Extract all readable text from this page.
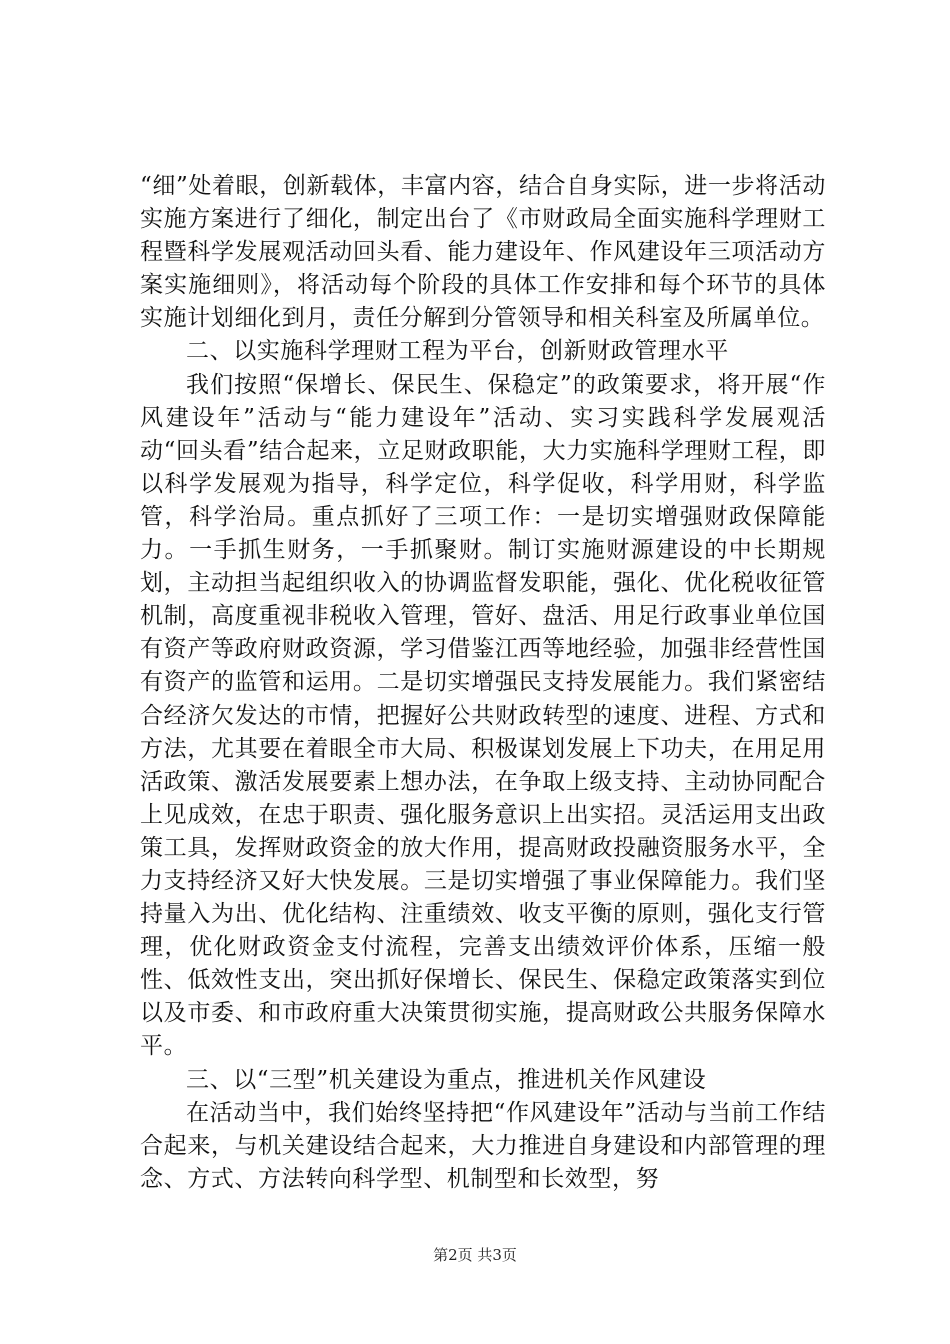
“细”处着眼，创新载体，丰富内容，结合自身实际，进一步将活动实施方案进行了细化，制定出台了《市财政局全面实施科学理财工程暨科学发展观活动回头看、能力建设年、作风建设年三项活动方案实施细则》，将活动每个阶段的具体工作安排和每个环节的具体实施计划细化到月，责任分解到分管领导和相关科室及所属单位。

二、以实施科学理财工程为平台，创新财政管理水平

我们按照“保增长、保民生、保稳定”的政策要求，将开展“作风建设年”活动与“能力建设年”活动、实习实践科学发展观活动“回头看”结合起来，立足财政职能，大力实施科学理财工程，即以科学发展观为指导，科学定位，科学促收，科学用财，科学监管，科学治局。重点抓好了三项工作：一是切实增强财政保障能力。一手抓生财务，一手抓聚财。制订实施财源建设的中长期规划，主动担当起组织收入的协调监督发职能，强化、优化税收征管机制，高度重视非税收入管理，管好、盘活、用足行政事业单位国有资产等政府财政资源，学习借鉴江西等地经验，加强非经营性国有资产的监管和运用。二是切实增强民支持发展能力。我们紧密结合经济欠发达的市情，把握好公共财政转型的速度、进程、方式和方法，尤其要在着眼全市大局、积极谋划发展上下功夫，在用足用活政策、激活发展要素上想办法，在争取上级支持、主动协同配合上见成效，在忠于职责、强化服务意识上出实招。灵活运用支出政策工具，发挥财政资金的放大作用，提高财政投融资服务水平，全力支持经济又好大快发展。三是切实增强了事业保障能力。我们坚持量入为出、优化结构、注重绩效、收支平衡的原则，强化支行管理，优化财政资金支付流程，完善支出绩效评价体系，压缩一般性、低效性支出，突出抓好保增长、保民生、保稳定政策落实到位以及市委、和市政府重大决策贯彻实施，提高财政公共服务保障水平。

三、以“三型”机关建设为重点，推进机关作风建设

在活动当中，我们始终坚持把“作风建设年”活动与当前工作结合起来，与机关建设结合起来，大力推进自身建设和内部管理的理念、方式、方法转向科学型、机制型和长效型，努

第2页 共3页
